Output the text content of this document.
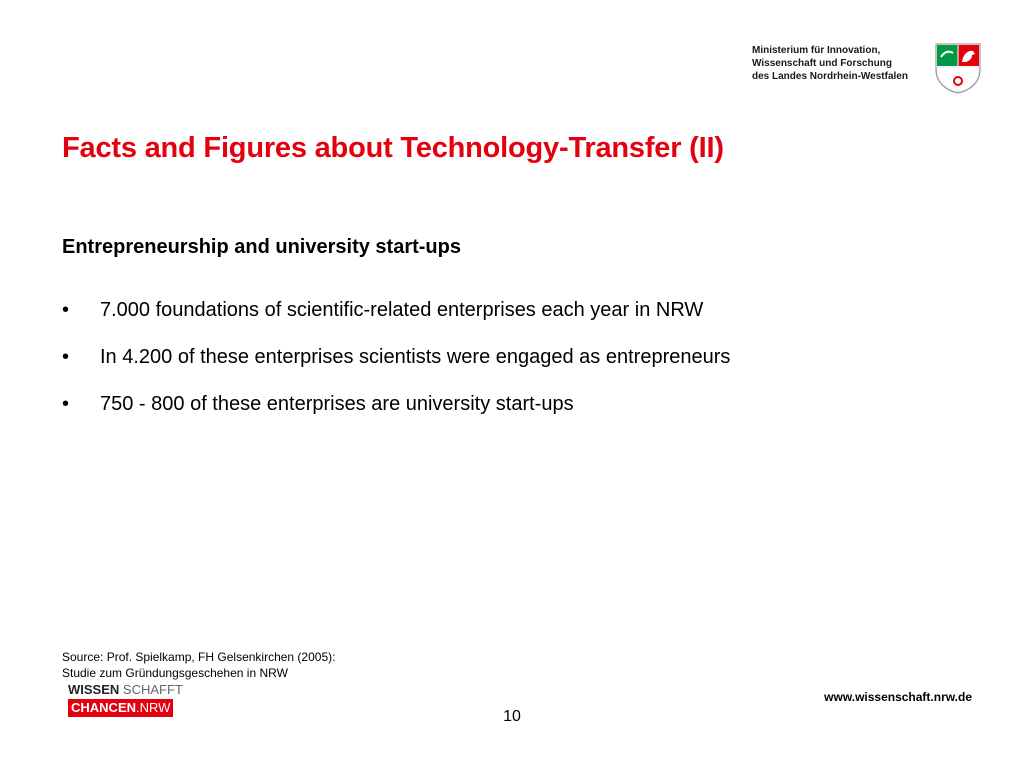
Ministerium für Innovation,
Wissenschaft und Forschung
des Landes Nordrhein-Westfalen
Facts and Figures about Technology-Transfer (II)
Entrepreneurship and university start-ups
• 7.000 foundations of scientific-related enterprises each year in NRW
• In 4.200 of these enterprises scientists were engaged as entrepreneurs
• 750 - 800 of these enterprises are university start-ups
Source: Prof. Spielkamp, FH Gelsenkirchen (2005):
Studie zum Gründungsgeschehen in NRW
WISSEN SCHAFFT
CHANCEN.NRW
www.wissenschaft.nrw.de
10
